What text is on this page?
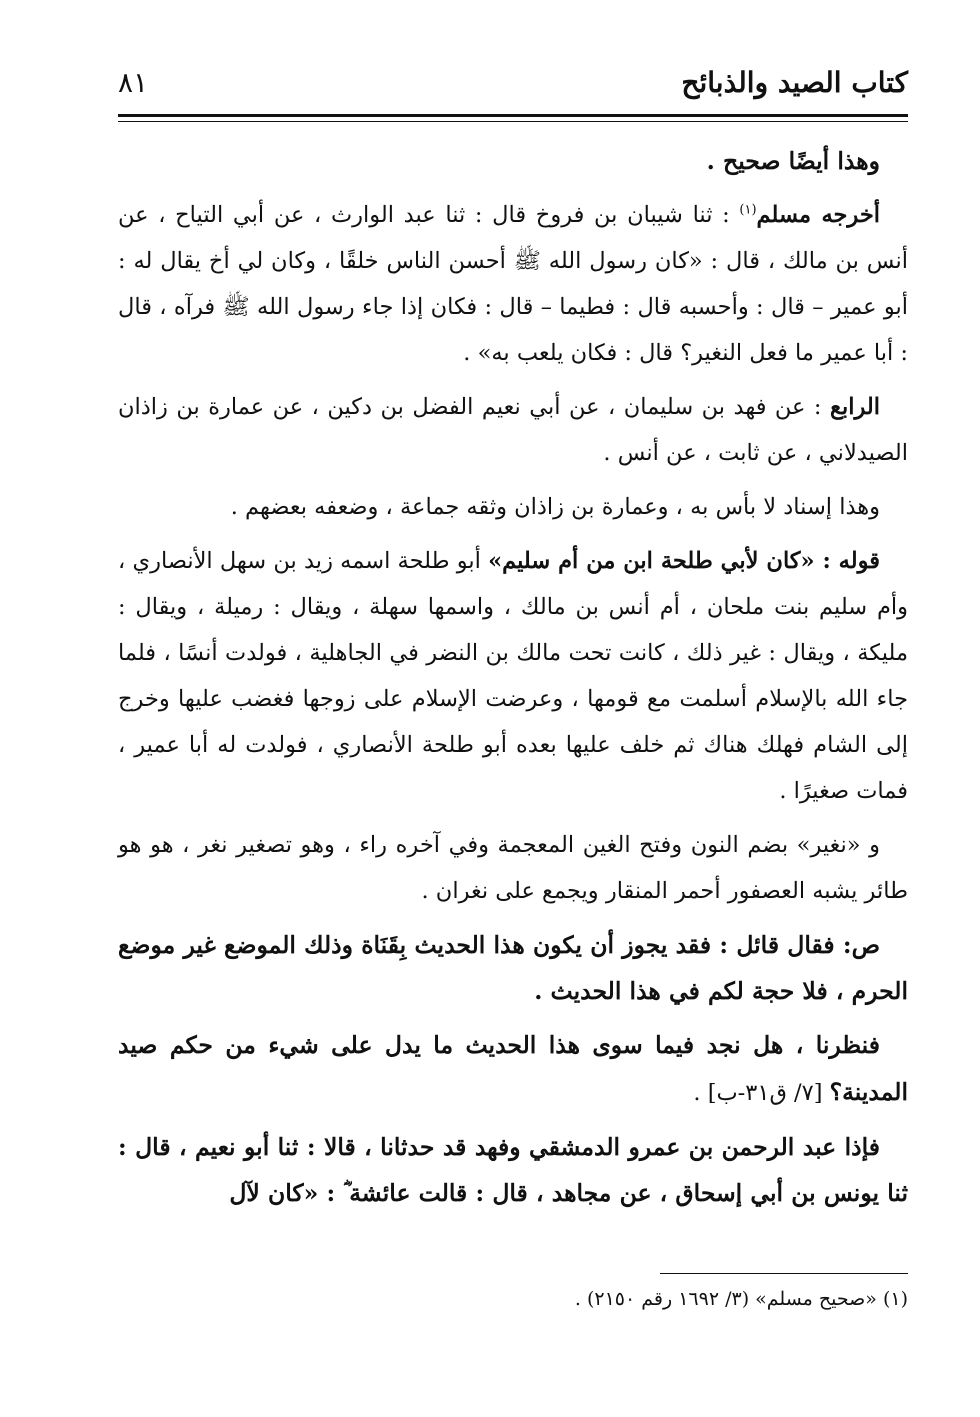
كتاب الصيد والذبائح
٨١

وهذا أيضًا صحيح .

أخرجه مسلم$^{(١)}$ : ثنا شيبان بن فروخ قال : ثنا عبد الوارث ، عن أبي التياح ، عن أنس بن مالك ، قال : «كان رسول الله ﷺ أحسن الناس خلقًا ، وكان لي أخ يقال له : أبو عمير – قال : وأحسبه قال : فطيما – قال : فكان إذا جاء رسول الله ﷺ فرآه ، قال : أبا عمير ما فعل النغير؟ قال : فكان يلعب به» .

الرابع : عن فهد بن سليمان ، عن أبي نعيم الفضل بن دكين ، عن عمارة بن زاذان الصيدلاني ، عن ثابت ، عن أنس .

وهذا إسناد لا بأس به ، وعمارة بن زاذان وثقه جماعة ، وضعفه بعضهم .

قوله : «كان لأبي طلحة ابن من أم سليم» أبو طلحة اسمه زيد بن سهل الأنصاري ، وأم سليم بنت ملحان ، أم أنس بن مالك ، واسمها سهلة ، ويقال : رميلة ، ويقال : مليكة ، ويقال : غير ذلك ، كانت تحت مالك بن النضر في الجاهلية ، فولدت أنسًا ، فلما جاء الله بالإسلام أسلمت مع قومها ، وعرضت الإسلام على زوجها فغضب عليها وخرج إلى الشام فهلك هناك ثم خلف عليها بعده أبو طلحة الأنصاري ، فولدت له أبا عمير ، فمات صغيرًا .

و «نغير» بضم النون وفتح الغين المعجمة وفي آخره راء ، وهو تصغير نغر ، هو هو طائر يشبه العصفور أحمر المنقار ويجمع على نغران .

ص: فقال قائل : فقد يجوز أن يكون هذا الحديث بِقَنَاة وذلك الموضع غير موضع الحرم ، فلا حجة لكم في هذا الحديث .

فنظرنا ، هل نجد فيما سوى هذا الحديث ما يدل على شيء من حكم صيد المدينة؟ [٧/ ق٣١-ب] .

فإذا عبد الرحمن بن عمرو الدمشقي وفهد قد حدثانا ، قالا : ثنا أبو نعيم ، قال : ثنا يونس بن أبي إسحاق ، عن مجاهد ، قال : قالت عائشة ؓ : «كان لآل

(١) «صحيح مسلم» (٣/ ١٦٩٢ رقم ٢١٥٠) .
